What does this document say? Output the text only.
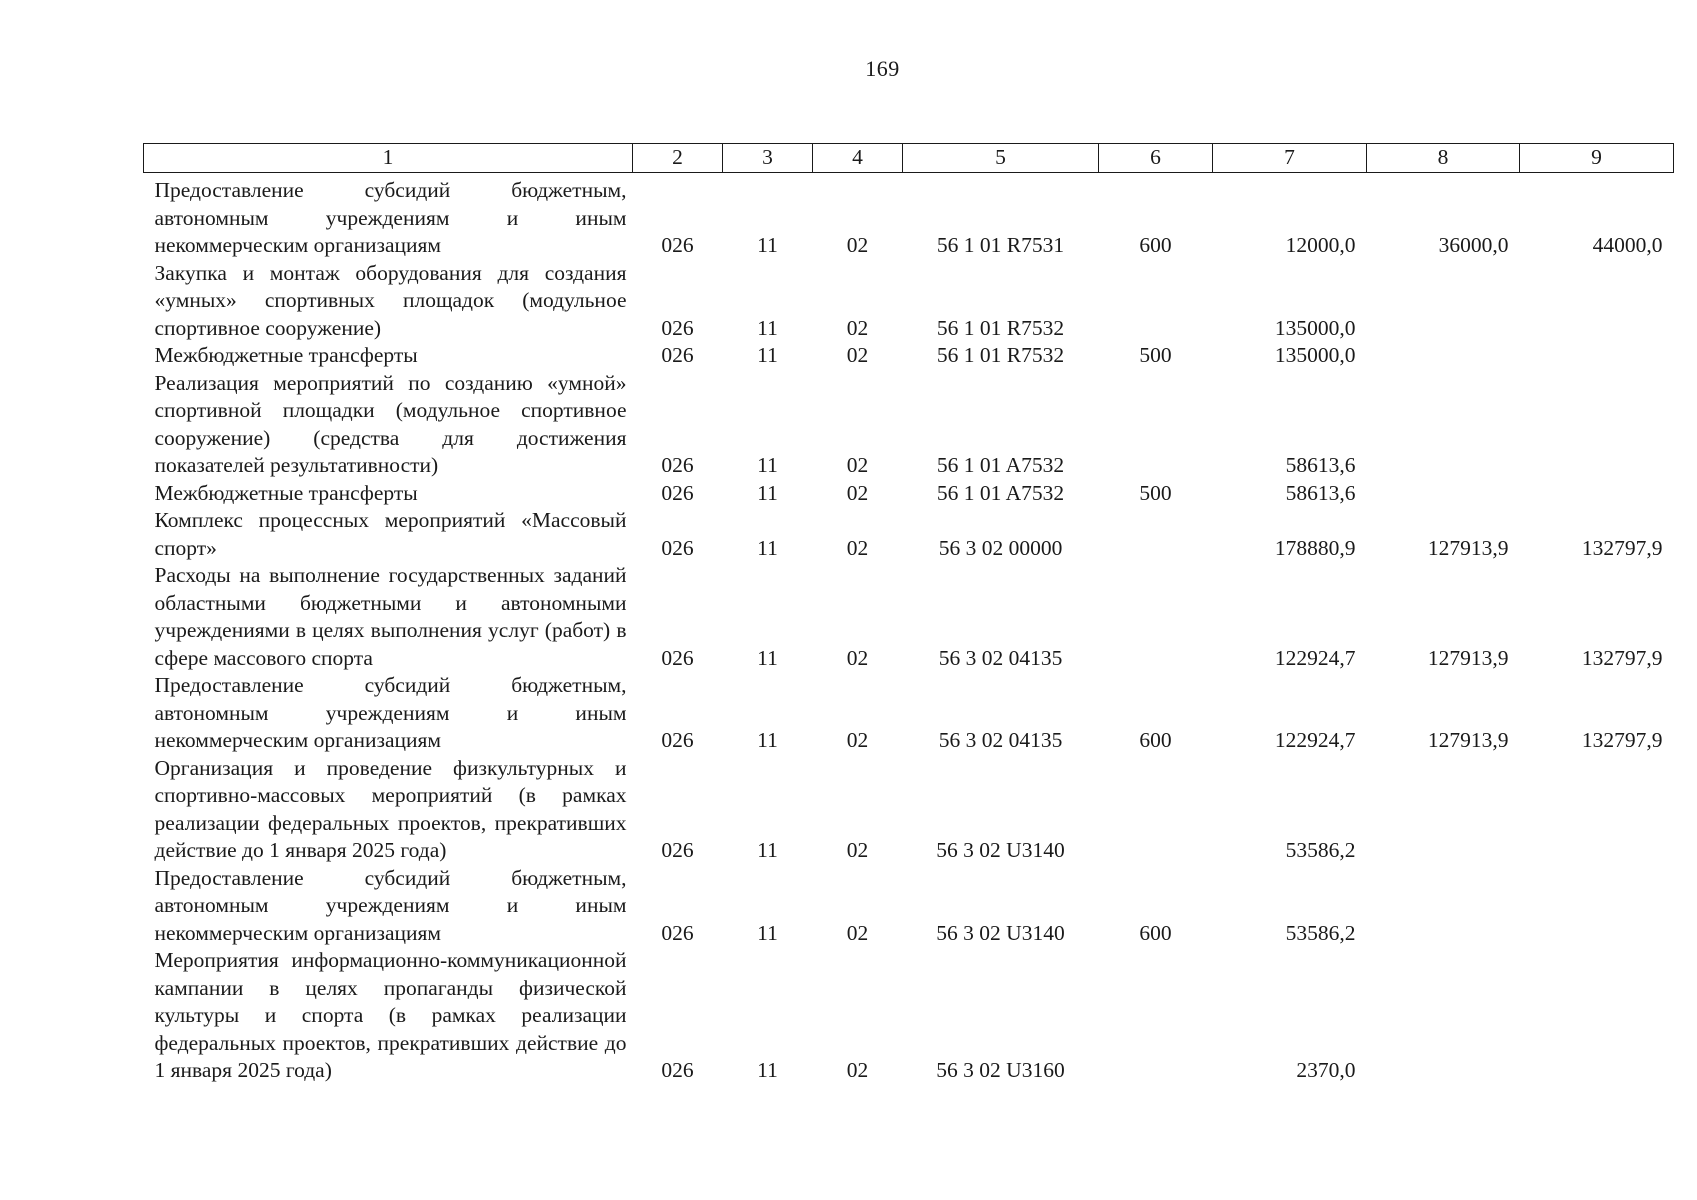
169
1	2	3	4	5	6	7	8	9
Предоставление субсидий бюджетным, автономным учреждениям и иным некоммерческим организациям	026	11	02	56 1 01 R7531	600	12000,0	36000,0	44000,0
Закупка и монтаж оборудования для создания «умных» спортивных площадок (модульное спортивное сооружение)	026	11	02	56 1 01 R7532		135000,0		
Межбюджетные трансферты	026	11	02	56 1 01 R7532	500	135000,0		
Реализация мероприятий по созданию «умной» спортивной площадки (модульное спортивное сооружение) (средства для достижения показателей результативности)	026	11	02	56 1 01 A7532		58613,6		
Межбюджетные трансферты	026	11	02	56 1 01 A7532	500	58613,6		
Комплекс процессных мероприятий «Массовый спорт»	026	11	02	56 3 02 00000		178880,9	127913,9	132797,9
Расходы на выполнение государственных заданий областными бюджетными и автономными учреждениями в целях выполнения услуг (работ) в сфере массового спорта	026	11	02	56 3 02 04135		122924,7	127913,9	132797,9
Предоставление субсидий бюджетным, автономным учреждениям и иным некоммерческим организациям	026	11	02	56 3 02 04135	600	122924,7	127913,9	132797,9
Организация и проведение физкультурных и спортивно-массовых мероприятий (в рамках реализации федеральных проектов, прекративших действие до 1 января 2025 года)	026	11	02	56 3 02 U3140		53586,2		
Предоставление субсидий бюджетным, автономным учреждениям и иным некоммерческим организациям	026	11	02	56 3 02 U3140	600	53586,2		
Мероприятия информационно-коммуникационной кампании в целях пропаганды физической культуры и спорта (в рамках реализации федеральных проектов, прекративших действие до 1 января 2025 года)	026	11	02	56 3 02 U3160		2370,0		
